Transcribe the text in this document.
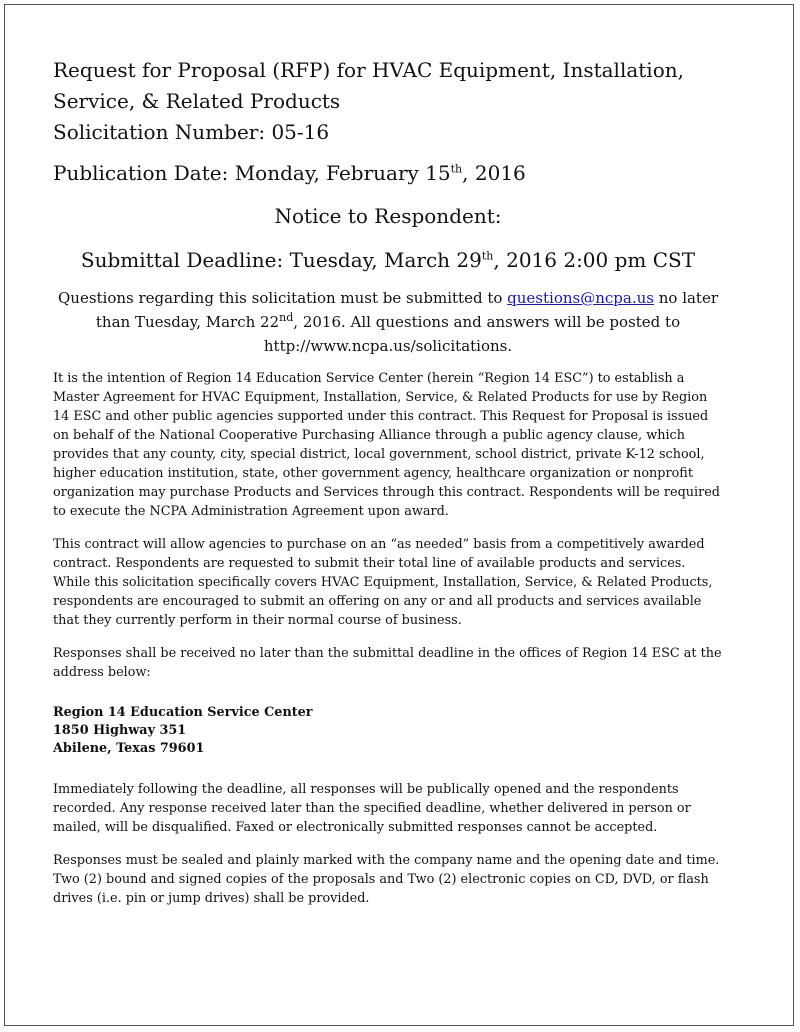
Request for Proposal (RFP) for HVAC Equipment, Installation,
Service, & Related Products
Solicitation Number: 05-16
Publication Date: Monday, February 15th, 2016
Notice to Respondent:
Submittal Deadline: Tuesday, March 29th, 2016 2:00 pm CST
Questions regarding this solicitation must be submitted to questions@ncpa.us no later
than Tuesday, March 22nd, 2016. All questions and answers will be posted to
http://www.ncpa.us/solicitations.

It is the intention of Region 14 Education Service Center (herein “Region 14 ESC”) to establish a Master Agreement for HVAC Equipment, Installation, Service, & Related Products for use by Region 14 ESC and other public agencies supported under this contract. This Request for Proposal is issued on behalf of the National Cooperative Purchasing Alliance through a public agency clause, which provides that any county, city, special district, local government, school district, private K-12 school, higher education institution, state, other government agency, healthcare organization or nonprofit organization may purchase Products and Services through this contract. Respondents will be required to execute the NCPA Administration Agreement upon award.

This contract will allow agencies to purchase on an “as needed” basis from a competitively awarded contract. Respondents are requested to submit their total line of available products and services. While this solicitation specifically covers HVAC Equipment, Installation, Service, & Related Products, respondents are encouraged to submit an offering on any or and all products and services available that they currently perform in their normal course of business.

Responses shall be received no later than the submittal deadline in the offices of Region 14 ESC at the address below:

Region 14 Education Service Center
1850 Highway 351
Abilene, Texas 79601

Immediately following the deadline, all responses will be publically opened and the respondents recorded. Any response received later than the specified deadline, whether delivered in person or mailed, will be disqualified. Faxed or electronically submitted responses cannot be accepted.

Responses must be sealed and plainly marked with the company name and the opening date and time. Two (2) bound and signed copies of the proposals and Two (2) electronic copies on CD, DVD, or flash drives (i.e. pin or jump drives) shall be provided.
